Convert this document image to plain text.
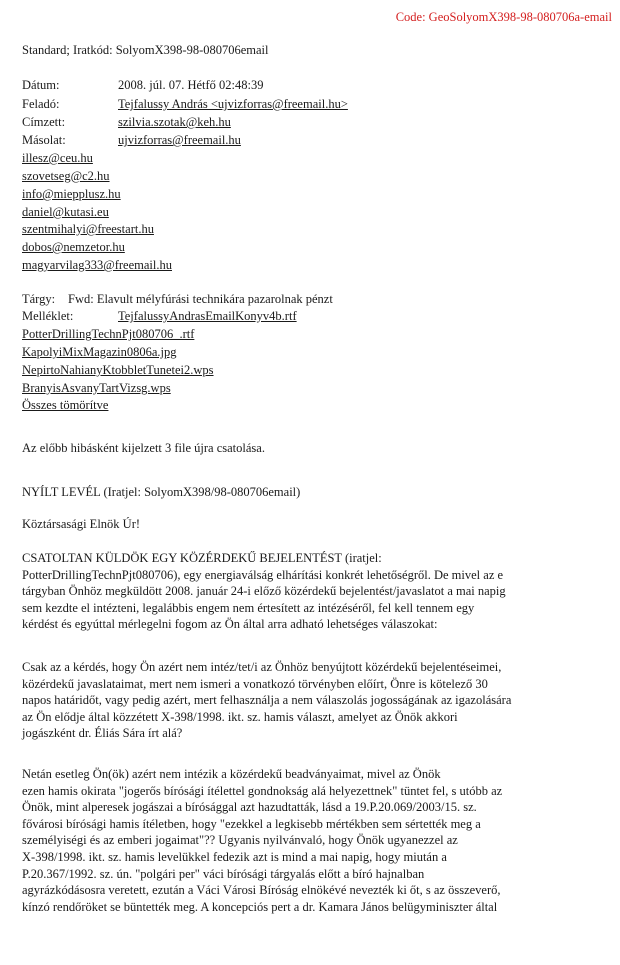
Code: GeoSolyomX398-98-080706a-email
Standard; Iratkód: SolyomX398-98-080706email
Dátum:	2008. júl. 07. Hétfő 02:48:39
Feladó:	Tejfalussy András <ujvizforras@freemail.hu>
Címzett:	szilvia.szotak@keh.hu
Másolat:	ujvizforras@freemail.hu
illesz@ceu.hu
szovetseg@c2.hu
info@miepplusz.hu
daniel@kutasi.eu
szentmihalyi@freestart.hu
dobos@nemzetor.hu
magyarvilag333@freemail.hu
Tárgy: Fwd: Elavult mélyfúrási technikára pazarolnak pénzt
Melléklet:	TejfalussyAndrasEmailKonyv4b.rtf
PotterDrillingTechnPjt080706_.rtf
KapolyiMixMagazin0806a.jpg
NepirtoNahianyKtobbletTunetei2.wps
BranyisAsvanyTartVizsg.wps
Összes tömörítve
Az előbb hibásként kijelzett 3 file újra csatolása.
NYÍLT LEVÉL (Iratjel: SolyomX398/98-080706email)
Köztársasági Elnök Úr!
CSATOLTAN KÜLDÖK EGY KÖZÉRDEKŰ BEJELENTÉST (iratjel:
PotterDrillingTechnPjt080706), egy energiaválság elhárítási konkrét lehetőségről. De mivel az e
tárgyban Önhöz megküldött 2008. január 24-i előző közérdekű bejelentést/javaslatot a mai napig
sem kezdte el intézteni, legalábbis engem nem értesített az intézéséről, fel kell tennem egy
kérdést és egyúttal mérlegelni fogom az Ön által arra adható lehetséges válaszokat:
Csak az a kérdés, hogy Ön azért nem intéz/tet/i az Önhöz benyújtott közérdekű bejelentéseimei,
közérdekű javaslataimat, mert nem ismeri a vonatkozó törvényben előírt, Önre is kötelező 30
napos határidőt, vagy pedig azért, mert felhasználja a nem válaszolás jogosságának az igazolására
az Ön elődje által közzétett X-398/1998. ikt. sz. hamis választ, amelyet az Önök akkori
jogászként dr. Éliás Sára írt alá?
Netán esetleg Ön(ök) azért nem intézik a közérdekű beadványaimat, mivel az Önök
ezen hamis okirata "jogerős bírósági ítélettel gondnokság alá helyezettnek" tüntet fel, s utóbb az
Önök, mint alperesek jogászai a bírósággal azt hazudtatták, lásd a 19.P.20.069/2003/15. sz.
fővárosi bírósági hamis ítéletben, hogy "ezekkel a legkisebb mértékben sem sértették meg a
személyiségi és az emberi jogaimat"?? Ugyanis nyilvánvaló, hogy Önök ugyanezzel az
X-398/1998. ikt. sz. hamis levelükkel fedezik azt is mind a mai napig, hogy miután a
P.20.367/1992. sz. ún. "polgári per" váci bírósági tárgyalás előtt a bíró hajnalban
agyrázkódásosra veretett, ezután a Váci Városi Bíróság elnökévé nevezték ki őt, s az összeverő,
kínzó rendőröket se büntették meg. A koncepciós pert a dr. Kamara János belügyminiszter által
